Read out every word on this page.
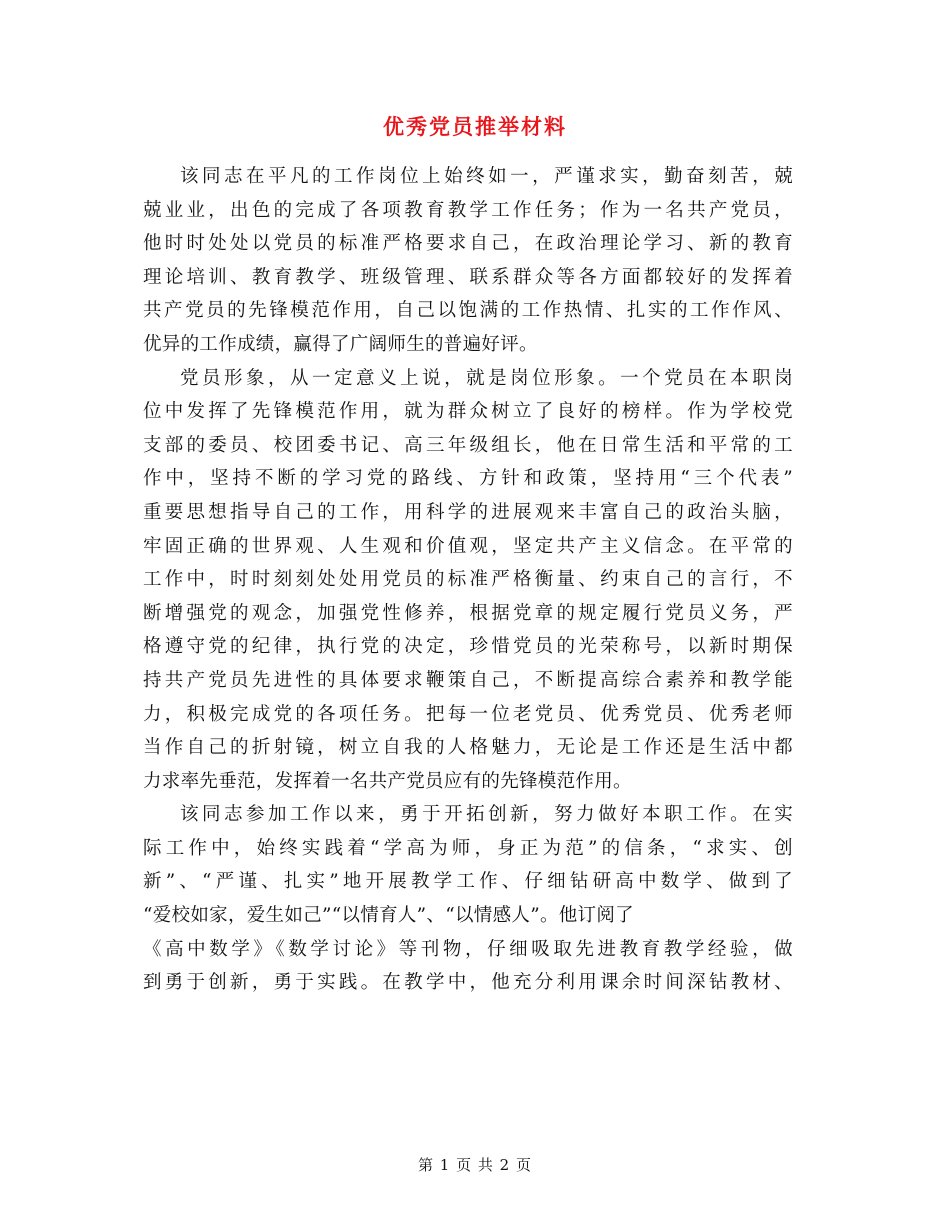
优秀党员推举材料
该同志在平凡的工作岗位上始终如一，严谨求实，勤奋刻苦，兢
兢业业，出色的完成了各项教育教学工作任务；作为一名共产党员，
他时时处处以党员的标准严格要求自己，在政治理论学习、新的教育
理论培训、教育教学、班级管理、联系群众等各方面都较好的发挥着
共产党员的先锋模范作用，自己以饱满的工作热情、扎实的工作作风、
优异的工作成绩，赢得了广阔师生的普遍好评。
党员形象，从一定意义上说，就是岗位形象。一个党员在本职岗
位中发挥了先锋模范作用，就为群众树立了良好的榜样。作为学校党
支部的委员、校团委书记、高三年级组长，他在日常生活和平常的工
作中，坚持不断的学习党的路线、方针和政策，坚持用“三个代表”
重要思想指导自己的工作，用科学的进展观来丰富自己的政治头脑，
牢固正确的世界观、人生观和价值观，坚定共产主义信念。在平常的
工作中，时时刻刻处处用党员的标准严格衡量、约束自己的言行，不
断增强党的观念，加强党性修养，根据党章的规定履行党员义务，严
格遵守党的纪律，执行党的决定，珍惜党员的光荣称号，以新时期保
持共产党员先进性的具体要求鞭策自己，不断提高综合素养和教学能
力，积极完成党的各项任务。把每一位老党员、优秀党员、优秀老师
当作自己的折射镜，树立自我的人格魅力，无论是工作还是生活中都
力求率先垂范，发挥着一名共产党员应有的先锋模范作用。
该同志参加工作以来，勇于开拓创新，努力做好本职工作。在实
际工作中，始终实践着“学高为师，身正为范”的信条，“求实、创
新”、“严谨、扎实”地开展教学工作、仔细钻研高中数学、做到了
“爱校如家，爱生如己”“以情育人”、“以情感人”。他订阅了
《高中数学》《数学讨论》等刊物，仔细吸取先进教育教学经验，做
到勇于创新，勇于实践。在教学中，他充分利用课余时间深钻教材、
第 1 页 共 2 页
